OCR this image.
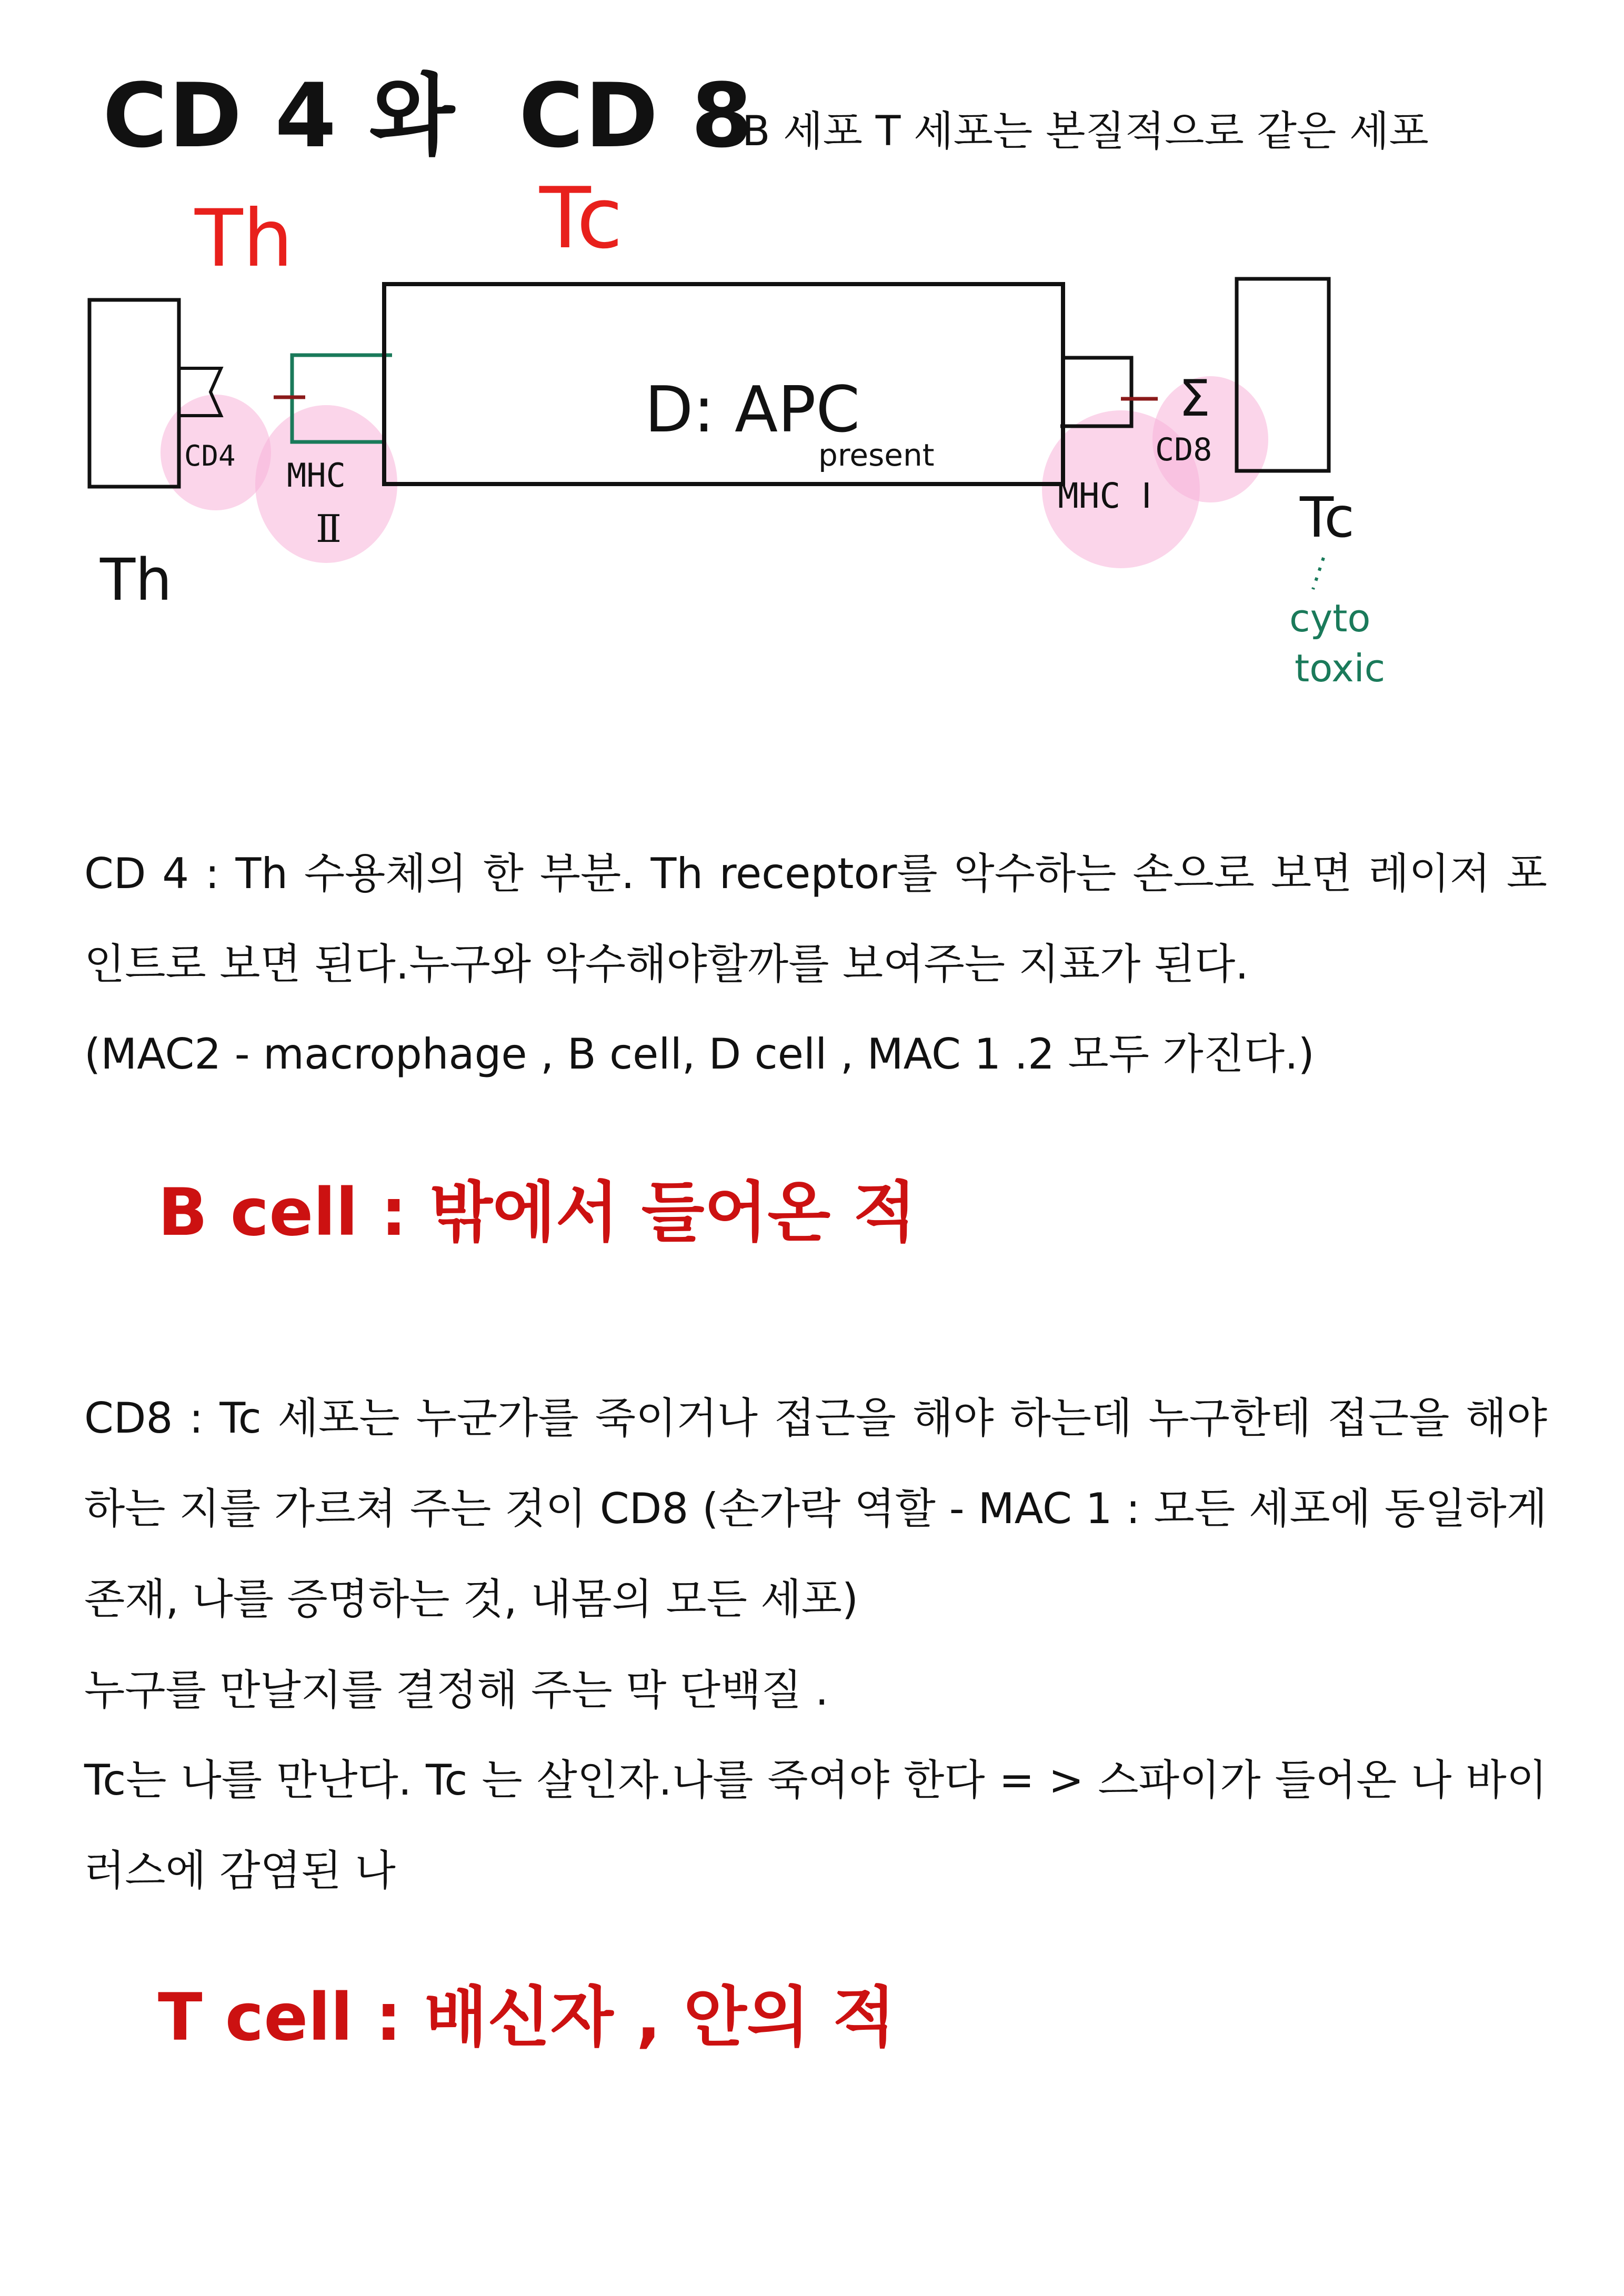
CD 4 와 CD 8
B 세포 T 세포는 본질적으로 같은 세포
Th	Tc
CD4
MHC
Ⅱ
Th
D: APC
present
MHC Ⅰ
Σ
CD8
Tc
cyto
toxic
CD 4 : Th 수용체의 한 부분. Th receptor를 악수하는 손으로 보면 레이저 포인트로 보면 된다.누구와 악수해야할까를 보여주는 지표가 된다.
(MAC2 - macrophage , B cell, D cell , MAC 1 .2 모두 가진다.)
B cell : 밖에서 들어온 적
CD8 : Tc 세포는 누군가를 죽이거나 접근을 해야 하는데 누구한테 접근을 해야 하는 지를 가르쳐 주는 것이 CD8 (손가락 역할 - MAC 1 : 모든 세포에 동일하게 존재, 나를 증명하는 것, 내몸의 모든 세포)
누구를 만날지를 결정해 주는 막 단백질 .
Tc는 나를 만난다. Tc 는 살인자.나를 죽여야 한다 = > 스파이가 들어온 나 바이러스에 감염된 나
T cell : 배신자 , 안의 적
